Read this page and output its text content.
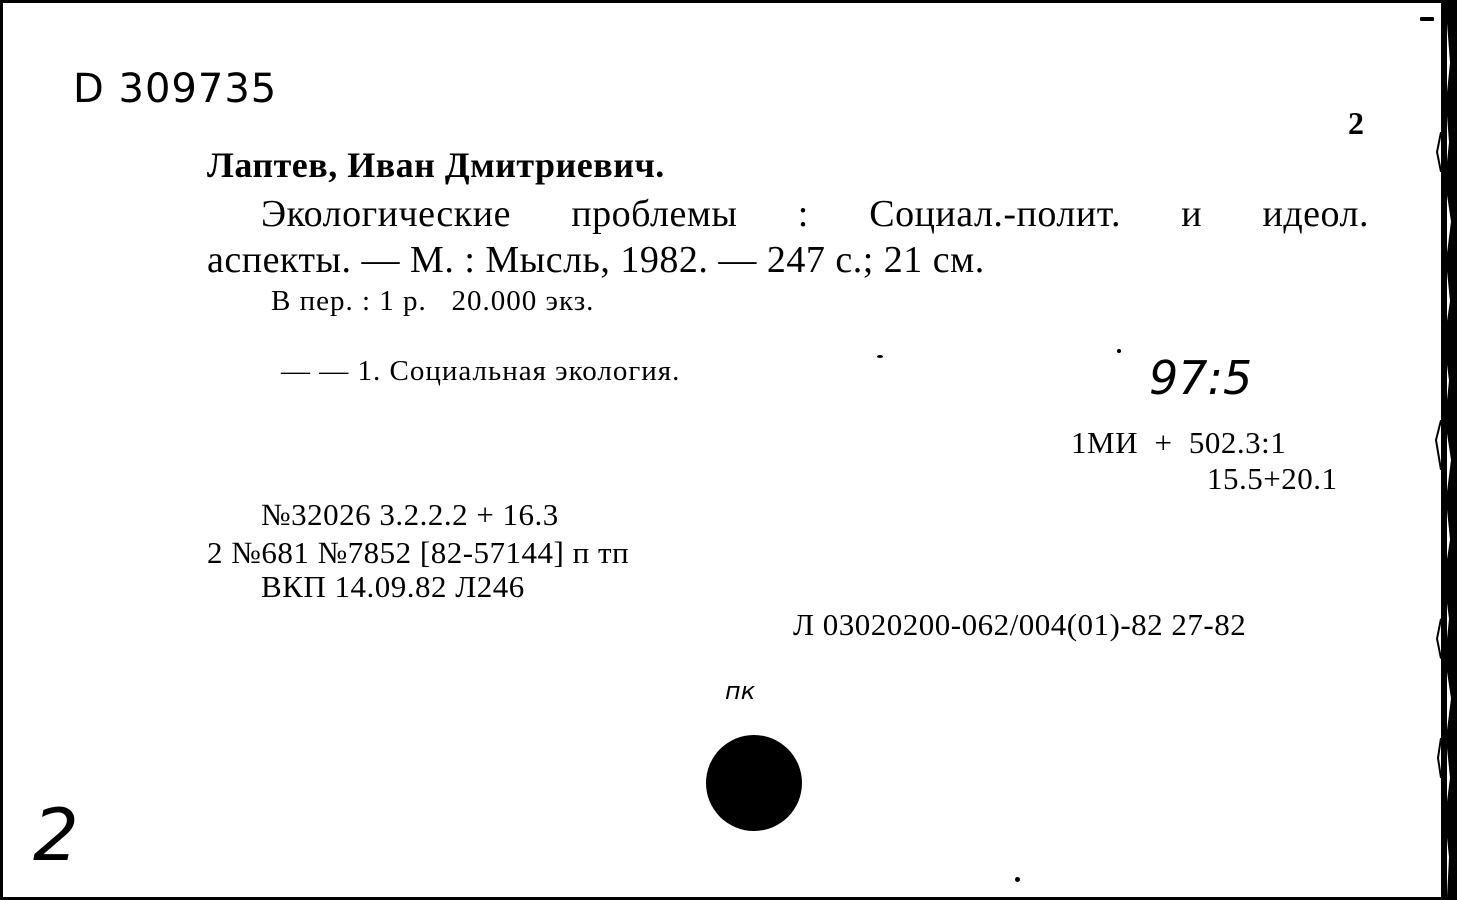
D 309735
2
Лаптев, Иван Дмитриевич.
Экологические проблемы : Социал.-полит. и идеол.
аспекты. — М. : Мысль, 1982. — 247 с.; 21 см.
В пер. : 1 р.   20.000 экз.
— — 1. Социальная экология.	97:5
1МИ  +  502.3:1
15.5+20.1
№32026 3.2.2.2 + 16.3
2 №681 №7852 [82-57144] п тп
ВКП 14.09.82 Л246
Л 03020200-062/004(01)-82 27-82
пк
2
